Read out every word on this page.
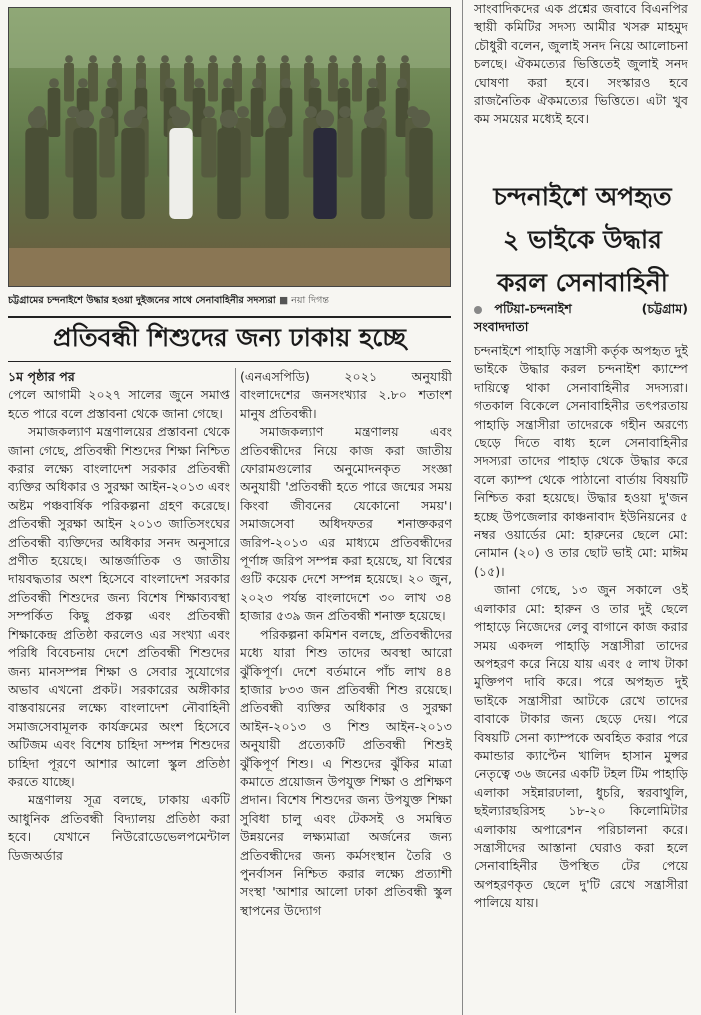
চট্টগ্রামের চন্দনাইশে উদ্ধার হওয়া দুইজনের সাথে সেনাবাহিনীর সদস্যরা ■ নয়া দিগন্ত
প্রতিবন্ধী শিশুদের জন্য ঢাকায় হচ্ছে

১ম পৃষ্ঠার পর

পেলে আগামী ২০২৭ সালের জুনে সমাপ্ত হতে পারে বলে প্রস্তাবনা থেকে জানা গেছে।

সমাজকল্যাণ মন্ত্রণালয়ের প্রস্তাবনা থেকে জানা গেছে, প্রতিবন্ধী শিশুদের শিক্ষা নিশ্চিত করার লক্ষ্যে বাংলাদেশ সরকার প্রতিবন্ধী ব্যক্তির অধিকার ও সুরক্ষা আইন-২০১৩ এবং অষ্টম পঞ্চবার্ষিক পরিকল্পনা গ্রহণ করেছে। প্রতিবন্ধী সুরক্ষা আইন ২০১৩ জাতিসংঘের প্রতিবন্ধী ব্যক্তিদের অধিকার সনদ অনুসারে প্রণীত হয়েছে। আন্তর্জাতিক ও জাতীয় দায়বদ্ধতার অংশ হিসেবে বাংলাদেশ সরকার প্রতিবন্ধী শিশুদের জন্য বিশেষ শিক্ষাব্যবস্থা সম্পর্কিত কিছু প্রকল্প এবং প্রতিবন্ধী শিক্ষাকেন্দ্র প্রতিষ্ঠা করলেও এর সংখ্যা এবং পরিধি বিবেচনায় দেশে প্রতিবন্ধী শিশুদের জন্য মানসম্পন্ন শিক্ষা ও সেবার সুযোগের অভাব এখনো প্রকট। সরকারের অঙ্গীকার বাস্তবায়নের লক্ষ্যে বাংলাদেশ নৌবাহিনী সমাজসেবামূলক কার্যক্রমের অংশ হিসেবে অটিজম এবং বিশেষ চাহিদা সম্পন্ন শিশুদের চাহিদা পূরণে আশার আলো স্কুল প্রতিষ্ঠা করতে যাচ্ছে।

মন্ত্রণালয় সূত্র বলছে, ঢাকায় একটি আধুনিক প্রতিবন্ধী বিদ্যালয় প্রতিষ্ঠা করা হবে। যেখানে নিউরোডেভেলপমেন্টাল ডিজঅর্ডার

(এনএসপিডি) ২০২১ অনুযায়ী বাংলাদেশের জনসংখ্যার ২.৮০ শতাংশ মানুষ প্রতিবন্ধী।

সমাজকল্যাণ মন্ত্রণালয় এবং প্রতিবন্ধীদের নিয়ে কাজ করা জাতীয় ফোরামগুলোর অনুমোদনকৃত সংজ্ঞা অনুযায়ী 'প্রতিবন্ধী হতে পারে জন্মের সময় কিংবা জীবনের যেকোনো সময়'। সমাজসেবা অধিদফতর শনাক্তকরণ জরিপ-২০১৩ এর মাধ্যমে প্রতিবন্ধীদের পূর্ণাঙ্গ জরিপ সম্পন্ন করা হয়েছে, যা বিশ্বের গুটি কয়েক দেশে সম্পন্ন হয়েছে। ২০ জুন, ২০২৩ পর্যন্ত বাংলাদেশে ৩০ লাখ ৩৪ হাজার ৫৩৯ জন প্রতিবন্ধী শনাক্ত হয়েছে।

পরিকল্পনা কমিশন বলছে, প্রতিবন্ধীদের মধ্যে যারা শিশু তাদের অবস্থা আরো ঝুঁকিপূর্ণ। দেশে বর্তমানে পাঁচ লাখ ৪৪ হাজার ৮৩৩ জন প্রতিবন্ধী শিশু রয়েছে। প্রতিবন্ধী ব্যক্তির অধিকার ও সুরক্ষা আইন-২০১৩ ও শিশু আইন-২০১৩ অনুযায়ী প্রত্যেকটি প্রতিবন্ধী শিশুই ঝুঁকিপূর্ণ শিশু। এ শিশুদের ঝুঁকির মাত্রা কমাতে প্রয়োজন উপযুক্ত শিক্ষা ও প্রশিক্ষণ প্রদান। বিশেষ শিশুদের জন্য উপযুক্ত শিক্ষা সুবিধা চালু এবং টেকসই ও সমন্বিত উন্নয়নের লক্ষ্যমাত্রা অর্জনের জন্য প্রতিবন্ধীদের জন্য কর্মসংস্থান তৈরি ও পুনর্বাসন নিশ্চিত করার লক্ষ্যে প্রত্যাশী সংস্থা 'আশার আলো ঢাকা প্রতিবন্ধী স্কুল স্থাপনের উদ্যোগ

সাংবাদিকদের এক প্রশ্নের জবাবে বিএনপির স্থায়ী কমিটির সদস্য আমীর খসরু মাহমুদ চৌধুরী বলেন, জুলাই সনদ নিয়ে আলোচনা চলছে। ঐকমত্যের ভিত্তিতেই জুলাই সনদ ঘোষণা করা হবে। সংস্কারও হবে রাজনৈতিক ঐকমত্যের ভিত্তিতে। এটা খুব কম সময়ের মধ্যেই হবে।

চন্দনাইশে অপহৃত
২ ভাইকে উদ্ধার
করল সেনাবাহিনী
পটিয়া-চন্দনাইশ	(চট্টগ্রাম)
সংবাদদাতা

চন্দনাইশে পাহাড়ি সন্ত্রাসী কর্তৃক অপহৃত দুই ভাইকে উদ্ধার করল চন্দনাইশ ক্যাম্পে দায়িত্বে থাকা সেনাবাহিনীর সদস্যরা। গতকাল বিকেলে সেনাবাহিনীর তৎপরতায় পাহাড়ি সন্ত্রাসীরা তাদেরকে গহীন অরণ্যে ছেড়ে দিতে বাধ্য হলে সেনাবাহিনীর সদস্যরা তাদের পাহাড় থেকে উদ্ধার করে বলে ক্যাম্প থেকে পাঠানো বার্তায় বিষয়টি নিশ্চিত করা হয়েছে। উদ্ধার হওয়া দু'জন হচ্ছে উপজেলার কাঞ্চনাবাদ ইউনিয়নের ৫ নম্বর ওয়ার্ডের মো: হারুনের ছেলে মো: নোমান (২০) ও তার ছোট ভাই মো: মাঈম (১৫)।

জানা গেছে, ১৩ জুন সকালে ওই এলাকার মো: হারুন ও তার দুই ছেলে পাহাড়ে নিজেদের লেবু বাগানে কাজ করার সময় একদল পাহাড়ি সন্ত্রাসীরা তাদের অপহরণ করে নিয়ে যায় এবং ৫ লাখ টাকা মুক্তিপণ দাবি করে। পরে অপহৃত দুই ভাইকে সন্ত্রাসীরা আটকে রেখে তাদের বাবাকে টাকার জন্য ছেড়ে দেয়। পরে বিষয়টি সেনা ক্যাম্পকে অবহিত করার পরে কমান্ডার ক্যাপ্টেন খালিদ হাসান মুন্সর নেতৃত্বে ৩৬ জনের একটি টহল টিম পাহাড়ি এলাকা সইন্নারঢালা, ধুচরি, স্বরবাথুলি, ছইল্যারছরিসহ ১৮-২০ কিলোমিটার এলাকায় অপারেশন পরিচালনা করে। সন্ত্রাসীদের আস্তানা ঘেরাও করা হলে সেনাবাহিনীর উপস্থিত টের পেয়ে অপহরণকৃত ছেলে দু'টি রেখে সন্ত্রাসীরা পালিয়ে যায়।
